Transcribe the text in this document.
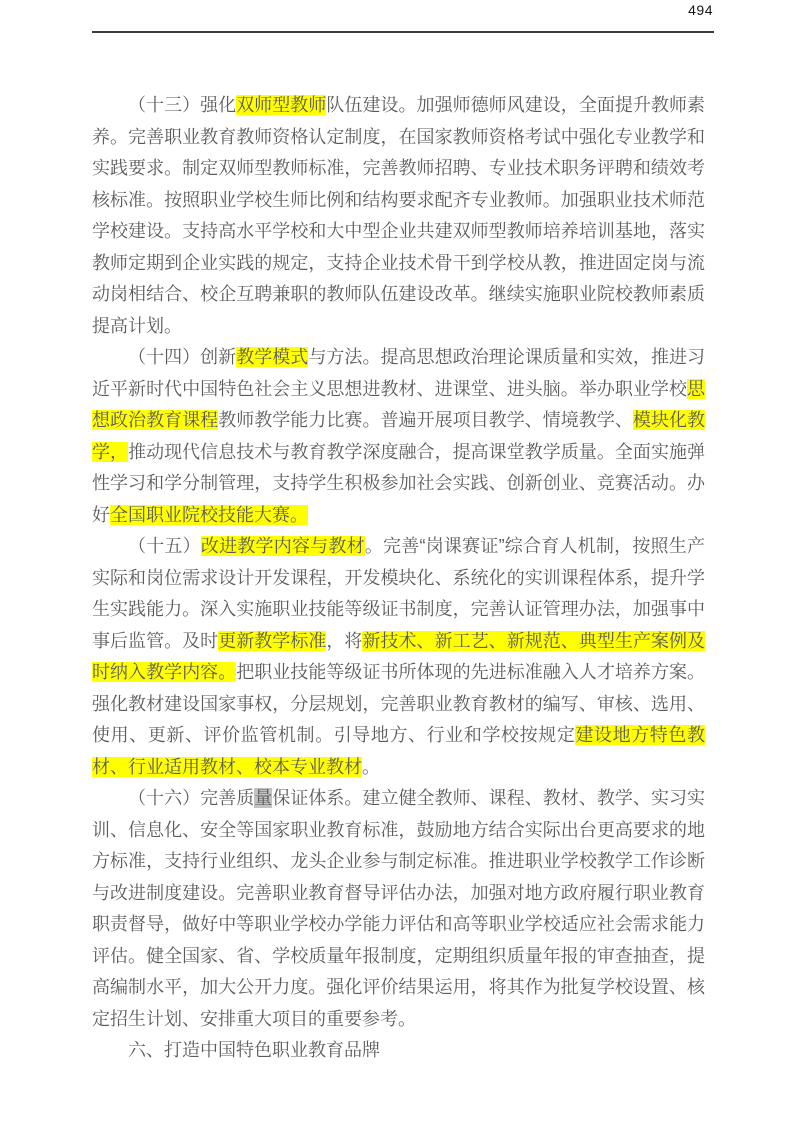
494

（十三）强化双师型教师队伍建设。加强师德师风建设，全面提升教师素养。完善职业教育教师资格认定制度，在国家教师资格考试中强化专业教学和实践要求。制定双师型教师标准，完善教师招聘、专业技术职务评聘和绩效考核标准。按照职业学校生师比例和结构要求配齐专业教师。加强职业技术师范学校建设。支持高水平学校和大中型企业共建双师型教师培养培训基地，落实教师定期到企业实践的规定，支持企业技术骨干到学校从教，推进固定岗与流动岗相结合、校企互聘兼职的教师队伍建设改革。继续实施职业院校教师素质提高计划。

（十四）创新教学模式与方法。提高思想政治理论课质量和实效，推进习近平新时代中国特色社会主义思想进教材、进课堂、进头脑。举办职业学校思想政治教育课程教师教学能力比赛。普遍开展项目教学、情境教学、模块化教学，推动现代信息技术与教育教学深度融合，提高课堂教学质量。全面实施弹性学习和学分制管理，支持学生积极参加社会实践、创新创业、竞赛活动。办好全国职业院校技能大赛。

（十五）改进教学内容与教材。完善“岗课赛证”综合育人机制，按照生产实际和岗位需求设计开发课程，开发模块化、系统化的实训课程体系，提升学生实践能力。深入实施职业技能等级证书制度，完善认证管理办法，加强事中事后监管。及时更新教学标准，将新技术、新工艺、新规范、典型生产案例及时纳入教学内容。把职业技能等级证书所体现的先进标准融入人才培养方案。强化教材建设国家事权，分层规划，完善职业教育教材的编写、审核、选用、使用、更新、评价监管机制。引导地方、行业和学校按规定建设地方特色教材、行业适用教材、校本专业教材。

（十六）完善质量保证体系。建立健全教师、课程、教材、教学、实习实训、信息化、安全等国家职业教育标准，鼓励地方结合实际出台更高要求的地方标准，支持行业组织、龙头企业参与制定标准。推进职业学校教学工作诊断与改进制度建设。完善职业教育督导评估办法，加强对地方政府履行职业教育职责督导，做好中等职业学校办学能力评估和高等职业学校适应社会需求能力评估。健全国家、省、学校质量年报制度，定期组织质量年报的审查抽查，提高编制水平，加大公开力度。强化评价结果运用，将其作为批复学校设置、核定招生计划、安排重大项目的重要参考。

六、打造中国特色职业教育品牌
